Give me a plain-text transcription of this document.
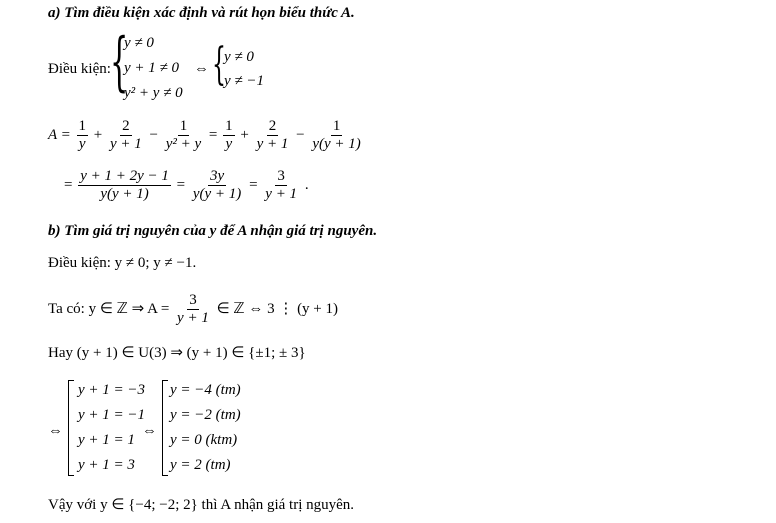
a) Tìm điều kiện xác định và rút họn biểu thức A.
Điều kiện: {
y ≠ 0
y + 1 ≠ 0
y² + y ≠ 0
⇔ {
y ≠ 0
y ≠ −1
$A = \frac{1}{y} + \frac{2}{y + 1} - \frac{1}{\text{y² + y}} = \frac{1}{y} + \frac{2}{y + 1} - \frac{1}{y(y + 1)}$
= $\frac{y + 1 + 2y - 1}{y(y + 1)} = \frac{3y}{y(y + 1)} = \frac{3}{y + 1}$ .
b) Tìm giá trị nguyên của y để A nhận giá trị nguyên.
Điều kiện: y ≠ 0; y ≠ −1.
Ta có: y ∈ ℤ ⇒ $A = \frac{3}{y + 1}$ ∈ ℤ ⇔ 3 ⋮ (y + 1)
Hay (y + 1) ∈ U(3) ⇒ (y + 1) ∈ {±1; ± 3}
⇔
y + 1 = −3
y + 1 = −1
y + 1 = 1
y + 1 = 3
⇔
y = −4 (tm)
y = −2 (tm)
y = 0 (ktm)
y = 2 (tm)
Vậy với y ∈ {−4; −2; 2} thì A nhận giá trị nguyên.
